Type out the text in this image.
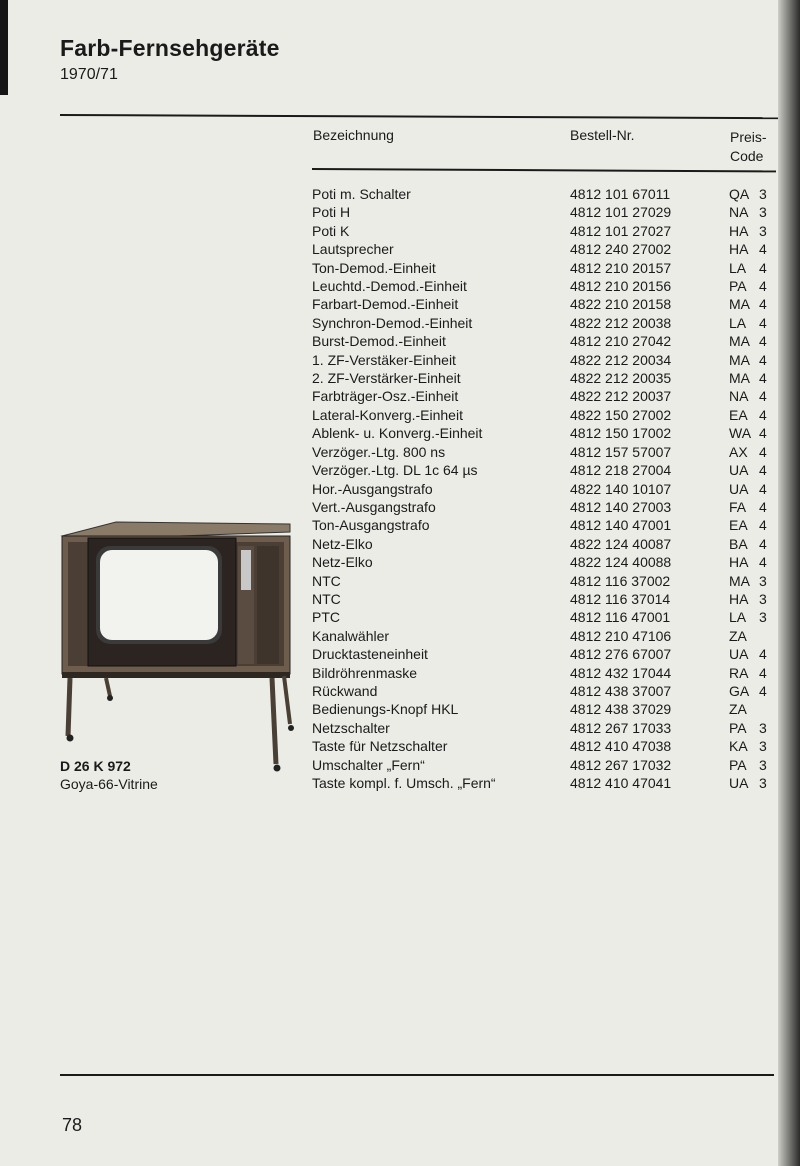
Farb-Fernsehgeräte
1970/71
Bezeichnung	Bestell-Nr.	Preis-
Code
Poti m. Schalter	4812 101 67011	QA	3
Poti H	4812 101 27029	NA	3
Poti K	4812 101 27027	HA	3
Lautsprecher	4812 240 27002	HA	4
Ton-Demod.-Einheit	4812 210 20157	LA	4
Leuchtd.-Demod.-Einheit	4812 210 20156	PA	4
Farbart-Demod.-Einheit	4822 210 20158	MA	4
Synchron-Demod.-Einheit	4822 212 20038	LA	4
Burst-Demod.-Einheit	4812 210 27042	MA	4
1. ZF-Verstäker-Einheit	4822 212 20034	MA	4
2. ZF-Verstärker-Einheit	4822 212 20035	MA	4
Farbträger-Osz.-Einheit	4822 212 20037	NA	4
Lateral-Konverg.-Einheit	4822 150 27002	EA	4
Ablenk- u. Konverg.-Einheit	4812 150 17002	WA	4
Verzöger.-Ltg. 800 ns	4812 157 57007	AX	4
Verzöger.-Ltg. DL 1c 64 µs	4812 218 27004	UA	4
Hor.-Ausgangstrafo	4822 140 10107	UA	4
Vert.-Ausgangstrafo	4812 140 27003	FA	4
Ton-Ausgangstrafo	4812 140 47001	EA	4
Netz-Elko	4822 124 40087	BA	4
Netz-Elko	4822 124 40088	HA	4
NTC	4812 116 37002	MA	3
NTC	4812 116 37014	HA	3
PTC	4812 116 47001	LA	3
Kanalwähler	4812 210 47106	ZA	
Drucktasteneinheit	4812 276 67007	UA	4
Bildröhrenmaske	4812 432 17044	RA	4
Rückwand	4812 438 37007	GA	4
Bedienungs-Knopf HKL	4812 438 37029	ZA	
Netzschalter	4812 267 17033	PA	3
Taste für Netzschalter	4812 410 47038	KA	3
Umschalter „Fern“	4812 267 17032	PA	3
Taste kompl. f. Umsch. „Fern“	4812 410 47041	UA	3
D 26 K 972
Goya-66-Vitrine
78
